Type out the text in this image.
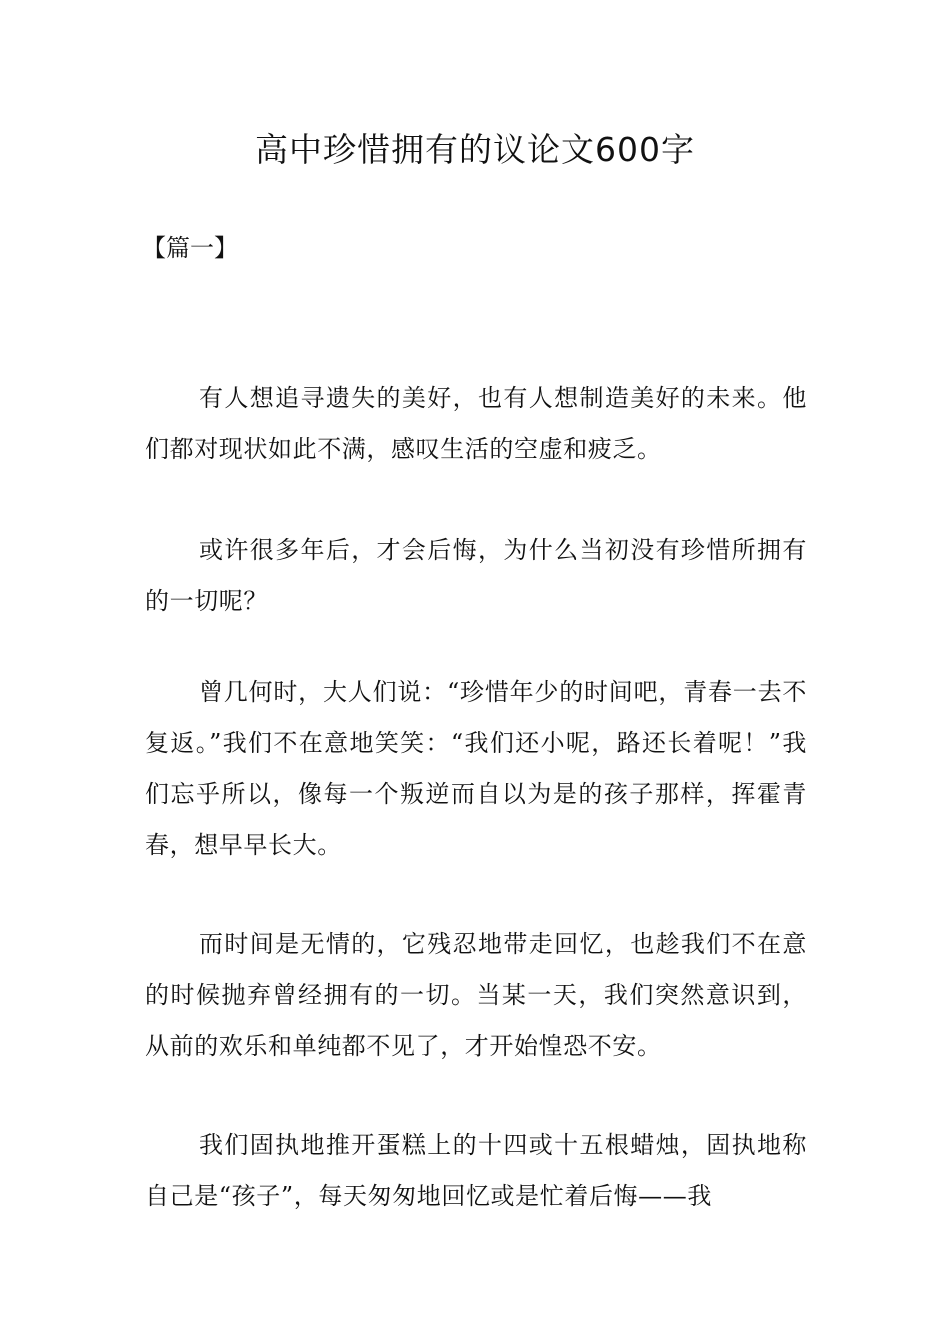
高中珍惜拥有的议论文600字

【篇一】

有人想追寻遗失的美好，也有人想制造美好的未来。他们都对现状如此不满，感叹生活的空虚和疲乏。

或许很多年后，才会后悔，为什么当初没有珍惜所拥有的一切呢？

曾几何时，大人们说：“珍惜年少的时间吧，青春一去不复返。”我们不在意地笑笑：“我们还小呢，路还长着呢！”我们忘乎所以，像每一个叛逆而自以为是的孩子那样，挥霍青春，想早早长大。

而时间是无情的，它残忍地带走回忆，也趁我们不在意的时候抛弃曾经拥有的一切。当某一天，我们突然意识到，从前的欢乐和单纯都不见了，才开始惶恐不安。

我们固执地推开蛋糕上的十四或十五根蜡烛，固执地称自己是“孩子”，每天匆匆地回忆或是忙着后悔——我
